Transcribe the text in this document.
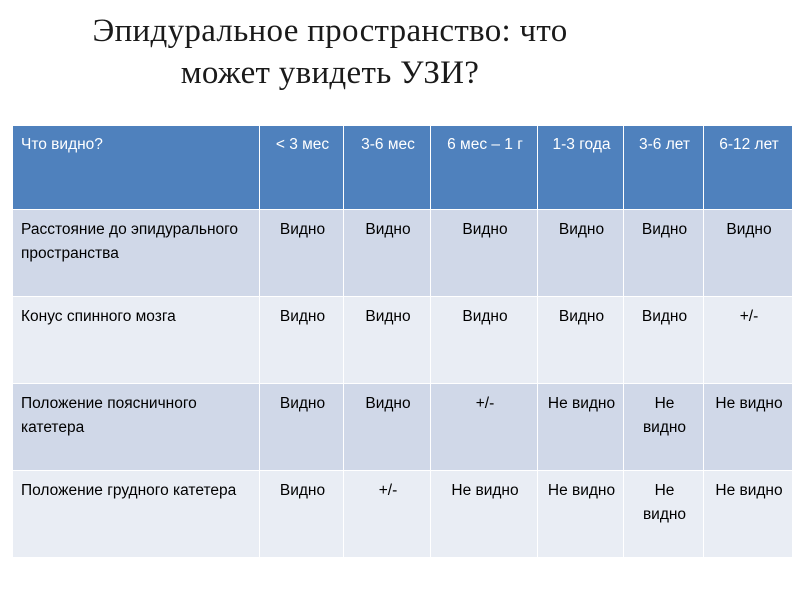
Эпидуральное пространство: что
может увидеть УЗИ?
Что видно?	< 3 мес	3-6 мес	6 мес – 1 г	1-3 года	3-6 лет	6-12 лет
Расстояние до эпидурального пространства	Видно	Видно	Видно	Видно	Видно	Видно
Конус спинного мозга	Видно	Видно	Видно	Видно	Видно	+/-
Положение поясничного катетера	Видно	Видно	+/-	Не видно	Не видно	Не видно
Положение грудного катетера	Видно	+/-	Не видно	Не видно	Не видно	Не видно
